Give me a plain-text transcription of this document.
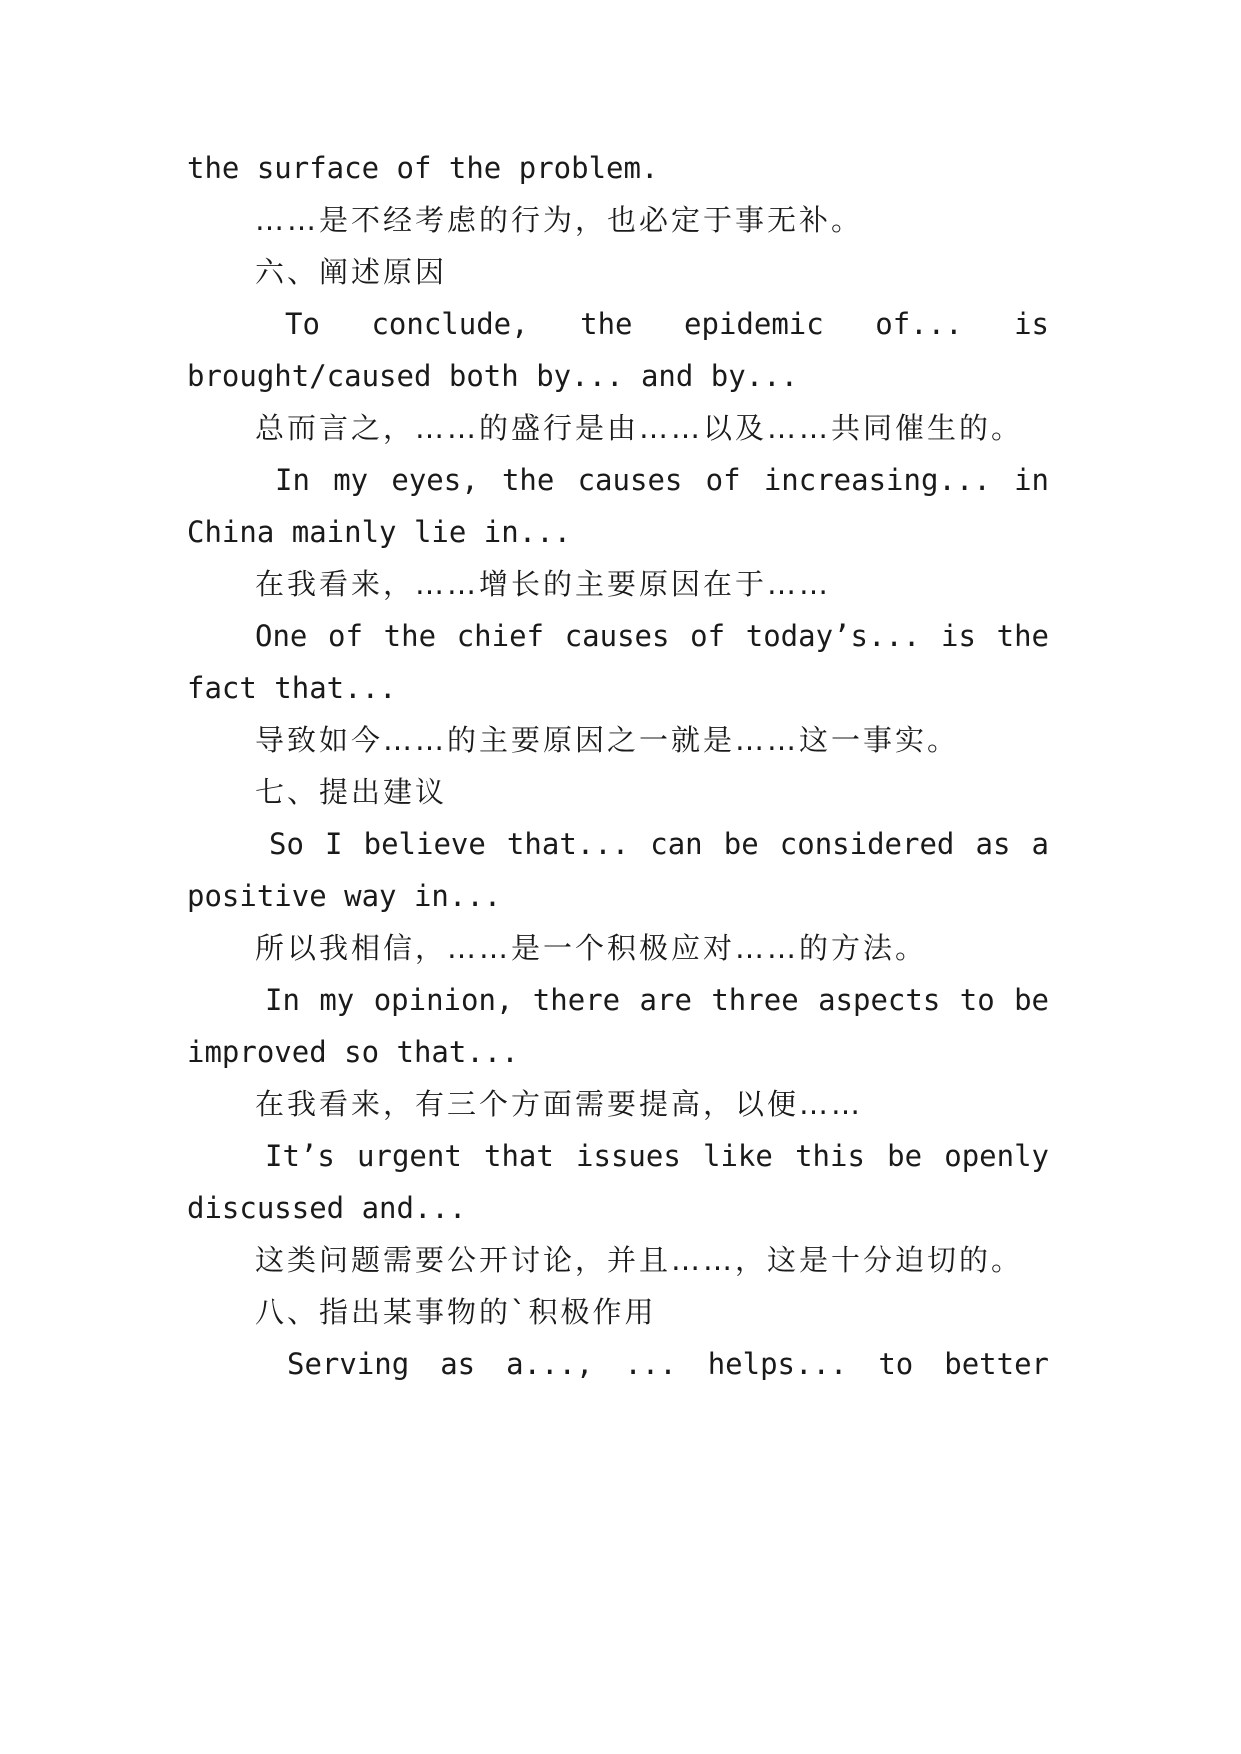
the surface of the problem.
……是不经考虑的行为，也必定于事无补。
六、阐述原因
To conclude, the epidemic of... is
brought/caused both by... and by...
总而言之，……的盛行是由……以及……共同催生的。
In my eyes, the causes of increasing... in
China mainly lie in...
在我看来，……增长的主要原因在于……
One of the chief causes of today’s... is the
fact that...
导致如今……的主要原因之一就是……这一事实。
七、提出建议
So I believe that... can be considered as a
positive way in...
所以我相信，……是一个积极应对……的方法。
In my opinion, there are three aspects to be
improved so that...
在我看来，有三个方面需要提高，以便……
It’s urgent that issues like this be openly
discussed and...
这类问题需要公开讨论，并且……，这是十分迫切的。
八、指出某事物的`积极作用
Serving as a..., ... helps... to better
